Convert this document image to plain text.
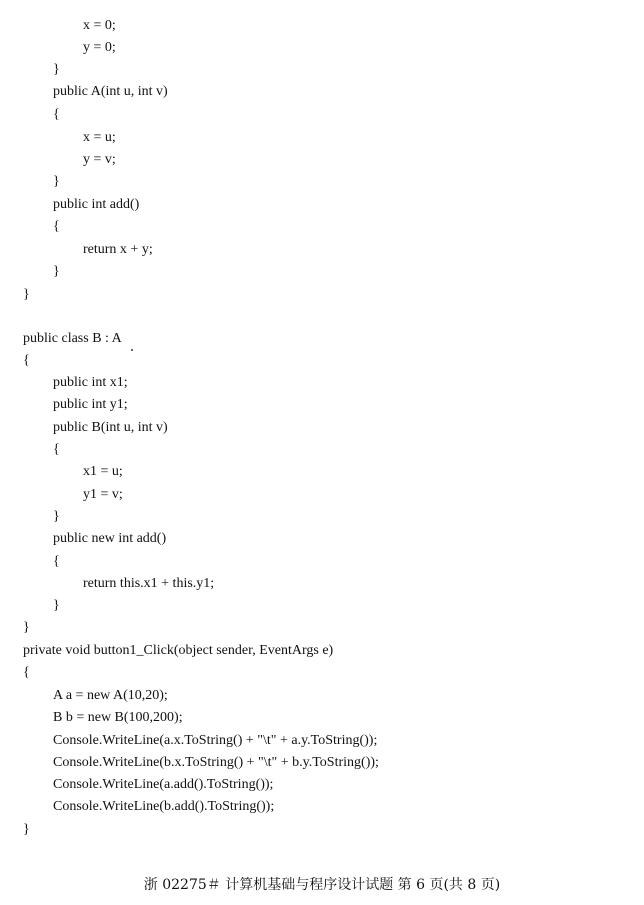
x = 0;
y = 0;
}
public A(int u, int v)
{
x = u;
y = v;
}
public int add()
{
return x + y;
}
}
public class B : A
{
public int x1;
public int y1;
public B(int u, int v)
{
x1 = u;
y1 = v;
}
public new int add()
{
return this.x1 + this.y1;
}
}
private void button1_Click(object sender, EventArgs e)
{
A a = new A(10,20);
B b = new B(100,200);
Console.WriteLine(a.x.ToString() + "\t" + a.y.ToString());
Console.WriteLine(b.x.ToString() + "\t" + b.y.ToString());
Console.WriteLine(a.add().ToString());
Console.WriteLine(b.add().ToString());
}
浙 02275＃ 计算机基础与程序设计试题 第 6 页(共 8 页)
